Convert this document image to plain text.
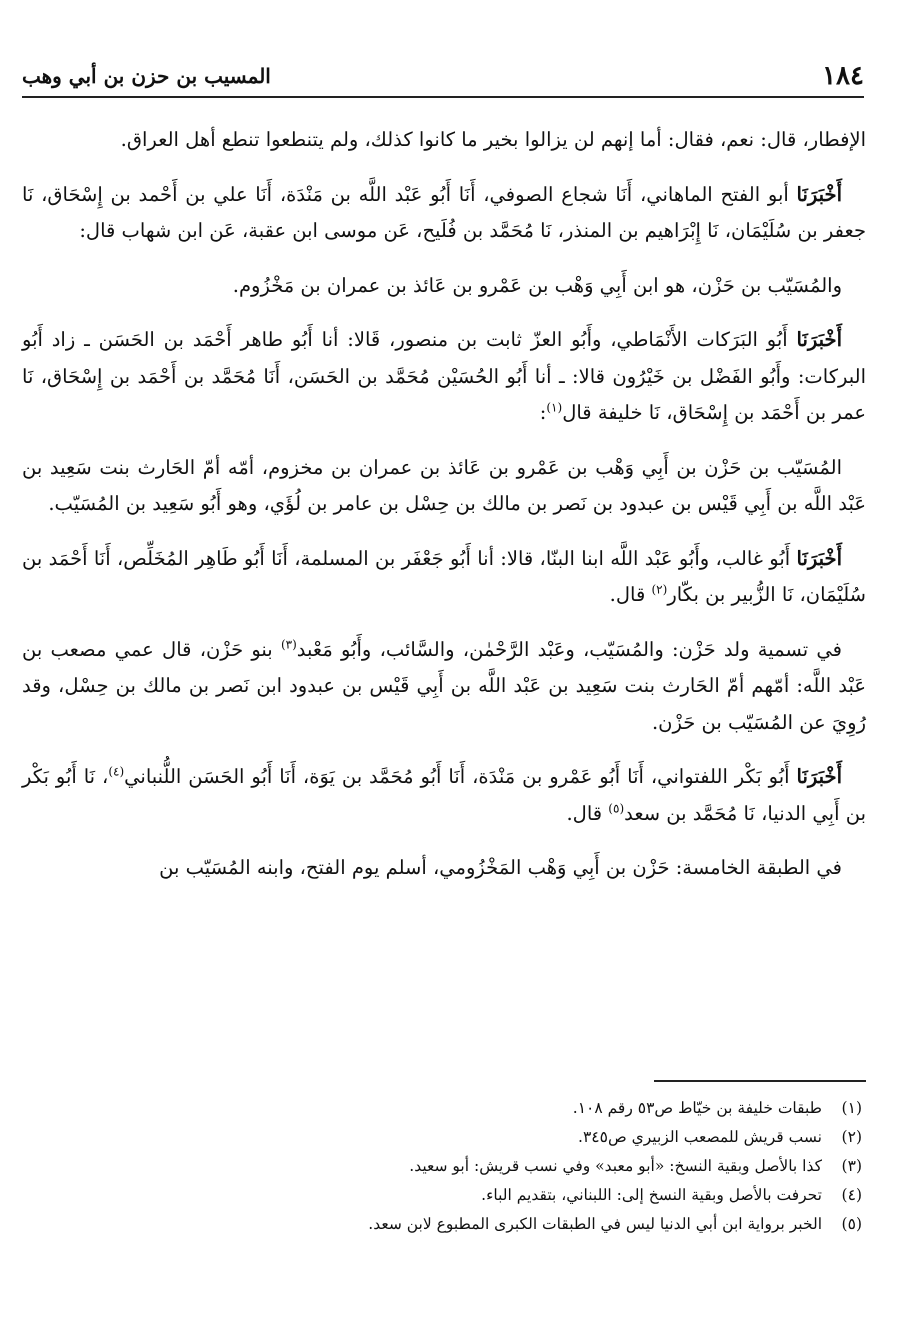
١٨٤
المسيب بن حزن بن أبي وهب

الإفطار، قال: نعم، فقال: أما إنهم لن يزالوا بخير ما كانوا كذلك، ولم يتنطعوا تنطع أهل العراق.

أَخْبَرَنَا أبو الفتح الماهاني، أَنَا شجاع الصوفي، أَنَا أَبُو عَبْد اللَّه بن مَنْدَة، أَنَا علي بن أَحْمد بن إِسْحَاق، نَا جعفر بن سُلَيْمَان، نَا إِبْرَاهيم بن المنذر، نَا مُحَمَّد بن فُلَيح، عَن موسى ابن عقبة، عَن ابن شهاب قال:

والمُسَيّب بن حَزْن، هو ابن أَبِي وَهْب بن عَمْرو بن عَائذ بن عمران بن مَخْزُوم.

أَخْبَرَنَا أَبُو البَرَكات الأَنْمَاطي، وأَبُو العزّ ثابت بن منصور، قَالا: أنا أَبُو طاهر أَحْمَد بن الحَسَن ـ زاد أَبُو البركات: وأَبُو الفَضْل بن خَيْرُون قالا: ـ أنا أَبُو الحُسَيْن مُحَمَّد بن الحَسَن، أَنَا مُحَمَّد بن أَحْمَد بن إِسْحَاق، نَا عمر بن أَحْمَد بن إِسْحَاق، نَا خليفة قال$^{(١)}$:

المُسَيّب بن حَزْن بن أَبِي وَهْب بن عَمْرو بن عَائذ بن عمران بن مخزوم، أمّه أمّ الحَارث بنت سَعِيد بن عَبْد اللَّه بن أَبِي قَيْس بن عبدود بن نَصر بن مالك بن حِسْل بن عامر بن لُؤَي، وهو أَبُو سَعِيد بن المُسَيّب.

أَخْبَرَنَا أَبُو غالب، وأَبُو عَبْد اللَّه ابنا البنّا، قالا: أنا أَبُو جَعْفَر بن المسلمة، أَنَا أَبُو طَاهِر المُخَلِّص، أَنَا أَحْمَد بن سُلَيْمَان، نَا الزُّبير بن بكّار$^{(٢)}$ قال.

في تسمية ولد حَزْن: والمُسَيّب، وعَبْد الرَّحْمٰن، والسَّائب، وأَبُو مَعْبد$^{(٣)}$ بنو حَزْن، قال عمي مصعب بن عَبْد اللَّه: أمّهم أمّ الحَارث بنت سَعِيد بن عَبْد اللَّه بن أَبِي قَيْس بن عبدود ابن نَصر بن مالك بن حِسْل، وقد رُوِيَ عن المُسَيّب بن حَزْن.

أَخْبَرَنَا أَبُو بَكْر اللفتواني، أَنَا أَبُو عَمْرو بن مَنْدَة، أَنَا أَبُو مُحَمَّد بن يَوَة، أَنَا أَبُو الحَسَن اللُّنباني$^{(٤)}$، نَا أَبُو بَكْر بن أَبِي الدنيا، نَا مُحَمَّد بن سعد$^{(٥)}$ قال.

في الطبقة الخامسة: حَزْن بن أَبِي وَهْب المَخْزُومي، أسلم يوم الفتح، وابنه المُسَيّب بن

(١)
طبقات خليفة بن خيّاط ص٥٣ رقم ١٠٨.
(٢)
نسب قريش للمصعب الزبيري ص٣٤٥.
(٣)
كذا بالأصل وبقية النسخ: «أبو معبد» وفي نسب قريش: أبو سعيد.
(٤)
تحرفت بالأصل وبقية النسخ إلى: اللبناني، بتقديم الباء.
(٥)
الخبر برواية ابن أبي الدنيا ليس في الطبقات الكبرى المطبوع لابن سعد.
